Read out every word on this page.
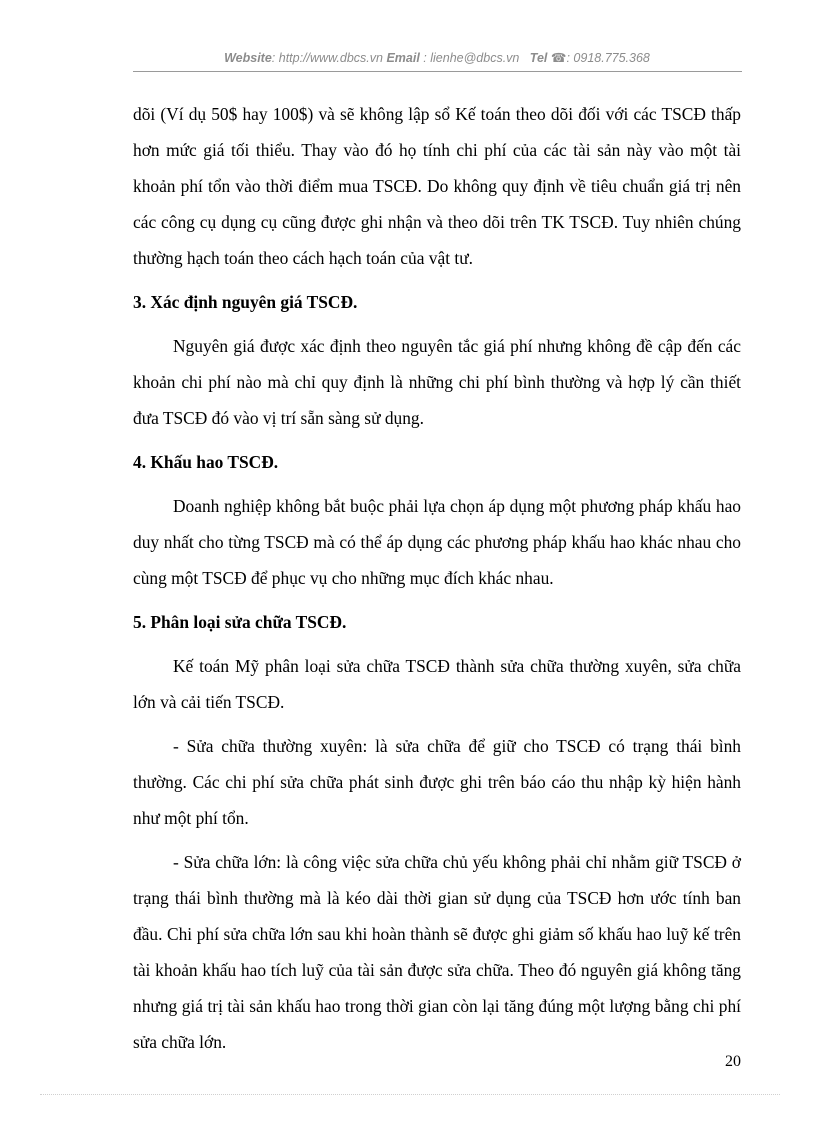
Website: http://www.dbcs.vn Email : lienhe@dbcs.vn Tel ☎: 0918.775.368

dõi (Ví dụ 50$ hay 100$) và sẽ không lập sổ Kế toán theo dõi đối với các TSCĐ thấp hơn mức giá tối thiểu. Thay vào đó họ tính chi phí của các tài sản này vào một tài khoản phí tổn vào thời điểm mua TSCĐ. Do không quy định về tiêu chuẩn giá trị nên các công cụ dụng cụ cũng được ghi nhận và theo dõi trên TK TSCĐ. Tuy nhiên chúng thường hạch toán theo cách hạch toán của vật tư.

3. Xác định nguyên giá TSCĐ.

Nguyên giá được xác định theo nguyên tắc giá phí nhưng không đề cập đến các khoản chi phí nào mà chỉ quy định là những chi phí bình thường và hợp lý cần thiết đưa TSCĐ đó vào vị trí sẵn sàng sử dụng.

4. Khấu hao TSCĐ.

Doanh nghiệp không bắt buộc phải lựa chọn áp dụng một phương pháp khấu hao duy nhất cho từng TSCĐ mà có thể áp dụng các phương pháp khấu hao khác nhau cho cùng một TSCĐ để phục vụ cho những mục đích khác nhau.

5. Phân loại sửa chữa TSCĐ.

Kế toán Mỹ phân loại sửa chữa TSCĐ thành sửa chữa thường xuyên, sửa chữa lớn và cải tiến TSCĐ.

- Sửa chữa thường xuyên: là sửa chữa để giữ cho TSCĐ có trạng thái bình thường. Các chi phí sửa chữa phát sinh được ghi trên báo cáo thu nhập kỳ hiện hành như một phí tổn.

- Sửa chữa lớn: là công việc sửa chữa chủ yếu không phải chỉ nhằm giữ TSCĐ ở trạng thái bình thường mà là kéo dài thời gian sử dụng của TSCĐ hơn ước tính ban đầu. Chi phí sửa chữa lớn sau khi hoàn thành sẽ được ghi giảm số khấu hao luỹ kế trên tài khoản khấu hao tích luỹ của tài sản được sửa chữa. Theo đó nguyên giá không tăng nhưng giá trị tài sản khấu hao trong thời gian còn lại tăng đúng một lượng bằng chi phí sửa chữa lớn.

20
